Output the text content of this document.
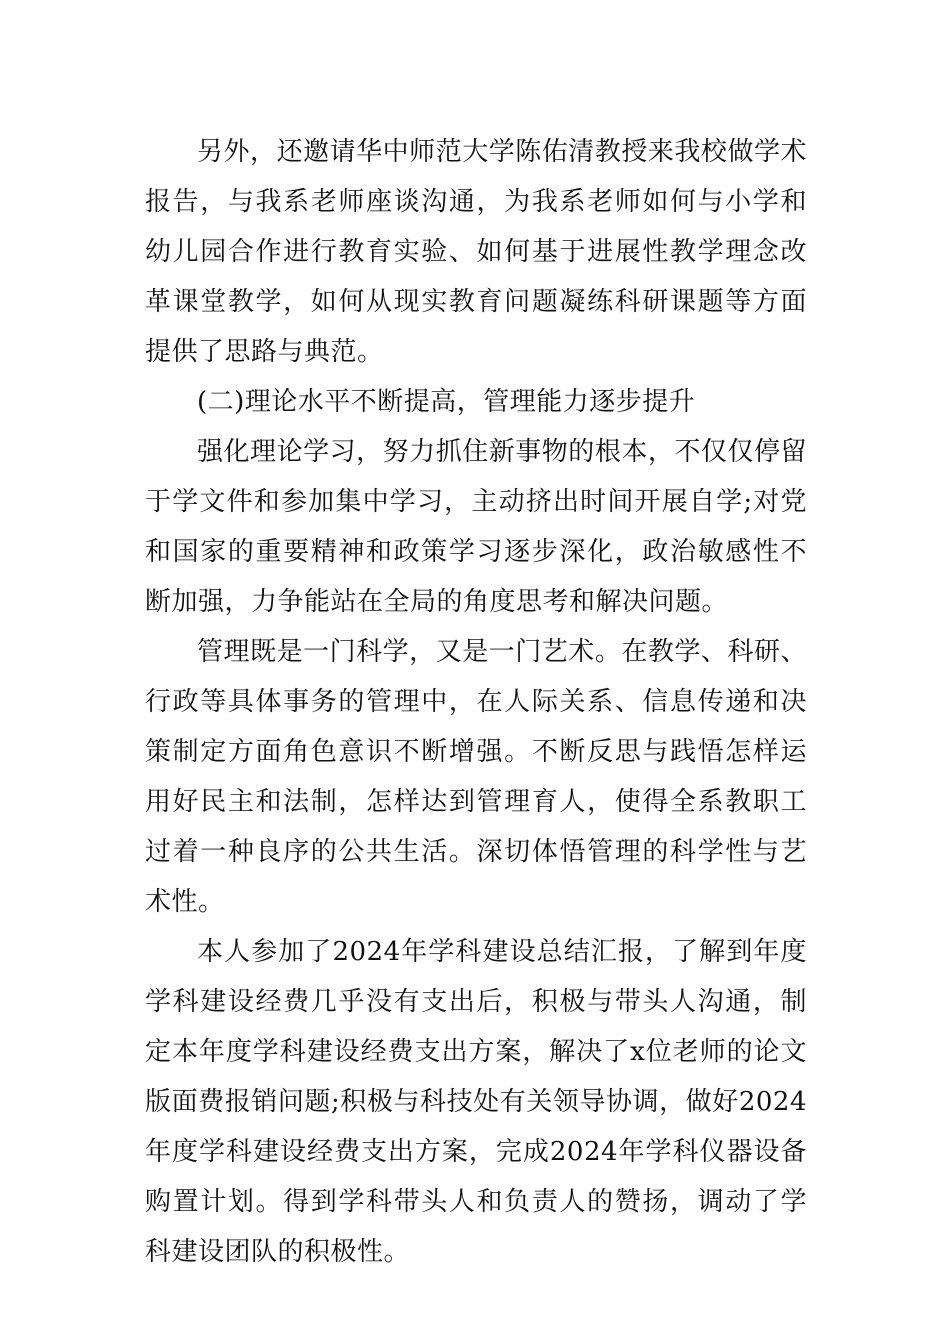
另外，还邀请华中师范大学陈佑清教授来我校做学术报告，与我系老师座谈沟通，为我系老师如何与小学和幼儿园合作进行教育实验、如何基于进展性教学理念改革课堂教学，如何从现实教育问题凝练科研课题等方面提供了思路与典范。

(二)理论水平不断提高，管理能力逐步提升

强化理论学习，努力抓住新事物的根本，不仅仅停留于学文件和参加集中学习，主动挤出时间开展自学;对党和国家的重要精神和政策学习逐步深化，政治敏感性不断加强，力争能站在全局的角度思考和解决问题。

管理既是一门科学，又是一门艺术。在教学、科研、行政等具体事务的管理中，在人际关系、信息传递和决策制定方面角色意识不断增强。不断反思与践悟怎样运用好民主和法制，怎样达到管理育人，使得全系教职工过着一种良序的公共生活。深切体悟管理的科学性与艺术性。

本人参加了2024年学科建设总结汇报，了解到年度学科建设经费几乎没有支出后，积极与带头人沟通，制定本年度学科建设经费支出方案，解决了x位老师的论文版面费报销问题;积极与科技处有关领导协调，做好2024年度学科建设经费支出方案，完成2024年学科仪器设备购置计划。得到学科带头人和负责人的赞扬，调动了学科建设团队的积极性。
